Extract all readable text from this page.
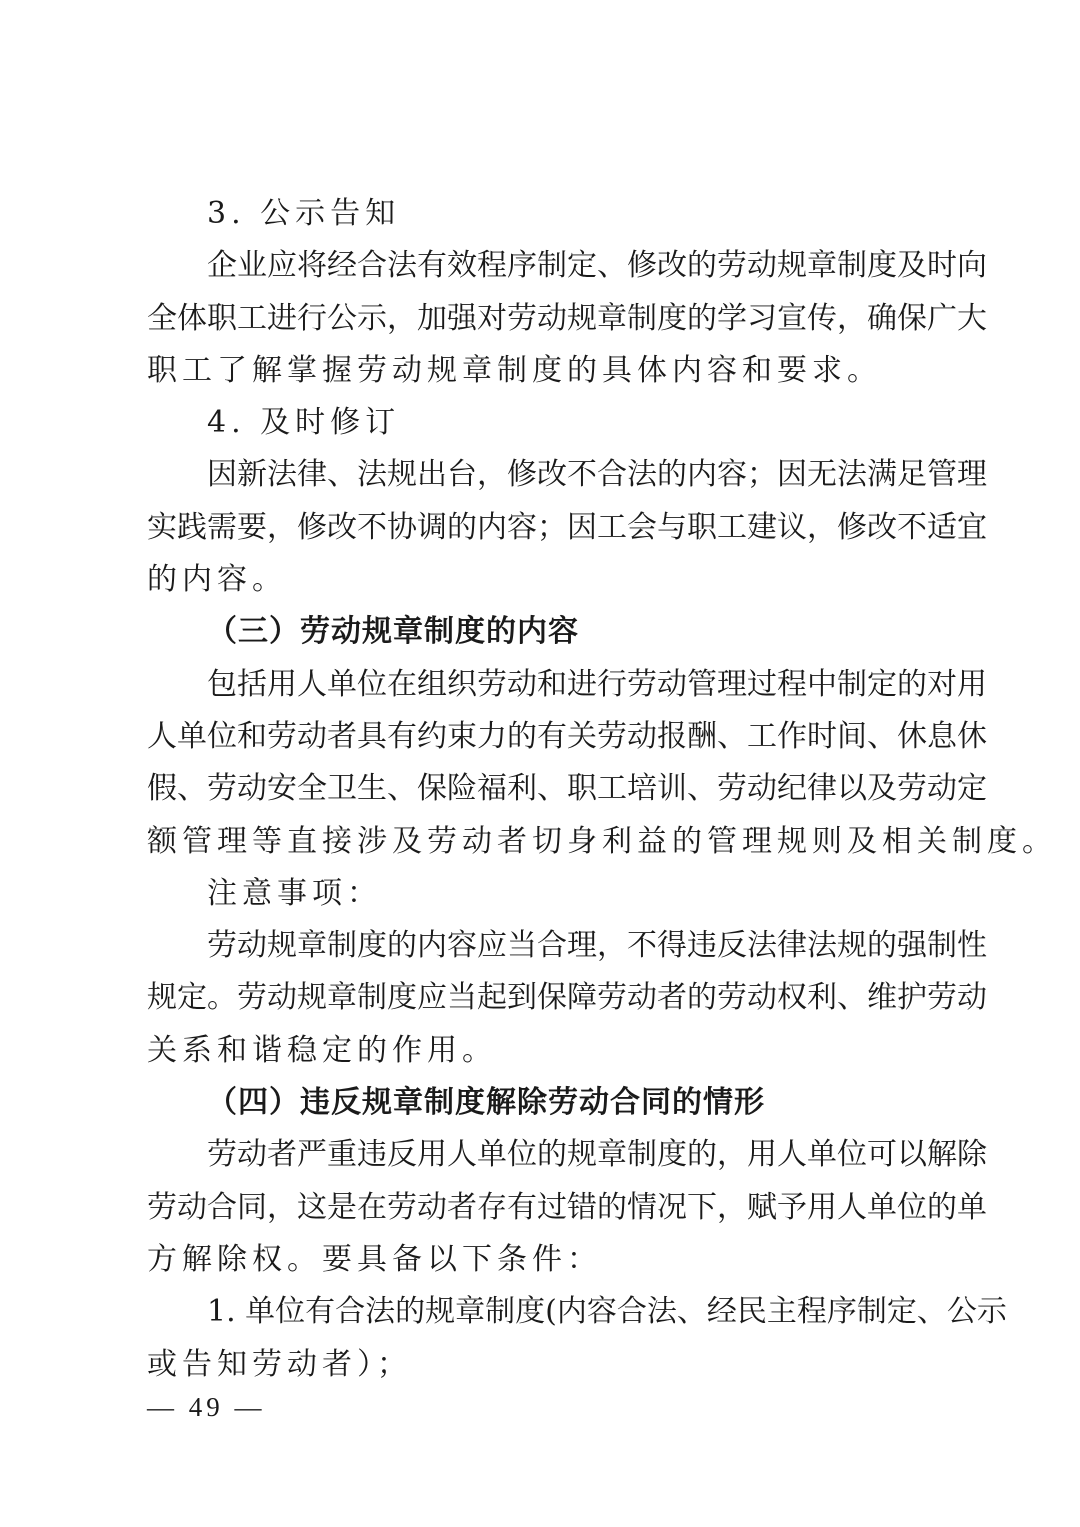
3. 公示告知
企业应将经合法有效程序制定、修改的劳动规章制度及时向
全体职工进行公示，加强对劳动规章制度的学习宣传，确保广大
职工了解掌握劳动规章制度的具体内容和要求。
4. 及时修订
因新法律、法规出台，修改不合法的内容；因无法满足管理
实践需要，修改不协调的内容；因工会与职工建议，修改不适宜
的内容。
（三）劳动规章制度的内容
包括用人单位在组织劳动和进行劳动管理过程中制定的对用
人单位和劳动者具有约束力的有关劳动报酬、工作时间、休息休
假、劳动安全卫生、保险福利、职工培训、劳动纪律以及劳动定
额管理等直接涉及劳动者切身利益的管理规则及相关制度。
注意事项：
劳动规章制度的内容应当合理，不得违反法律法规的强制性
规定。劳动规章制度应当起到保障劳动者的劳动权利、维护劳动
关系和谐稳定的作用。
（四）违反规章制度解除劳动合同的情形
劳动者严重违反用人单位的规章制度的，用人单位可以解除
劳动合同，这是在劳动者存有过错的情况下，赋予用人单位的单
方解除权。要具备以下条件：
1. 单位有合法的规章制度(内容合法、经民主程序制定、公示
或告知劳动者）；
— 49 —
